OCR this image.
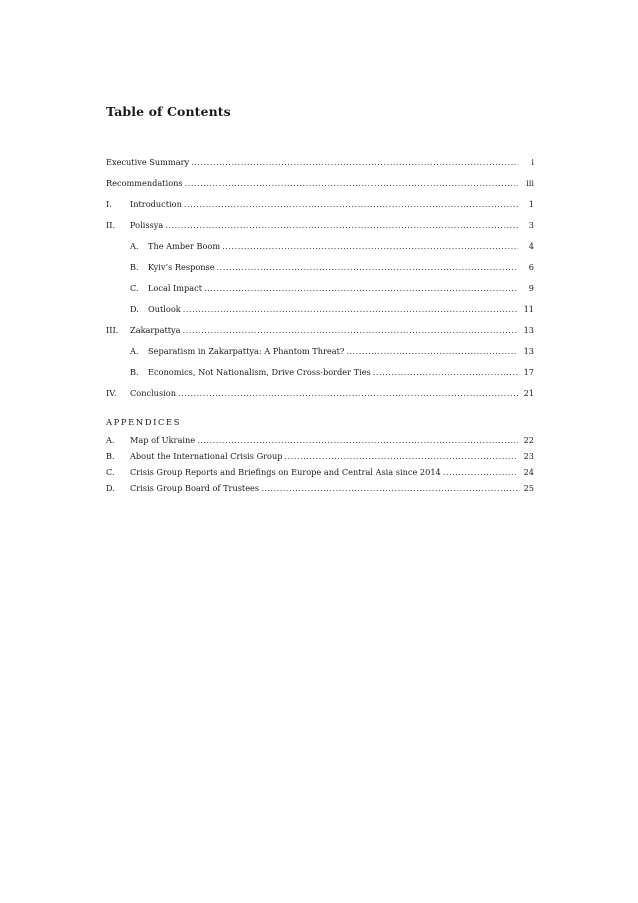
Table of Contents
Executive Summary .....	i
Recommendations .....	iii
I.	Introduction .....	1
II.	Polissya .....	3
A.	The Amber Boom .....	4
B.	Kyiv’s Response .....	6
C.	Local Impact .....	9
D.	Outlook .....	11
III.	Zakarpattya .....	13
A.	Separatism in Zakarpattya: A Phantom Threat? .....	13
B.	Economics, Not Nationalism, Drive Cross-border Ties .....	17
IV.	Conclusion .....	21
APPENDICES
A.	Map of Ukraine .....	22
B.	About the International Crisis Group .....	23
C.	Crisis Group Reports and Briefings on Europe and Central Asia since 2014 .....	24
D.	Crisis Group Board of Trustees .....	25
